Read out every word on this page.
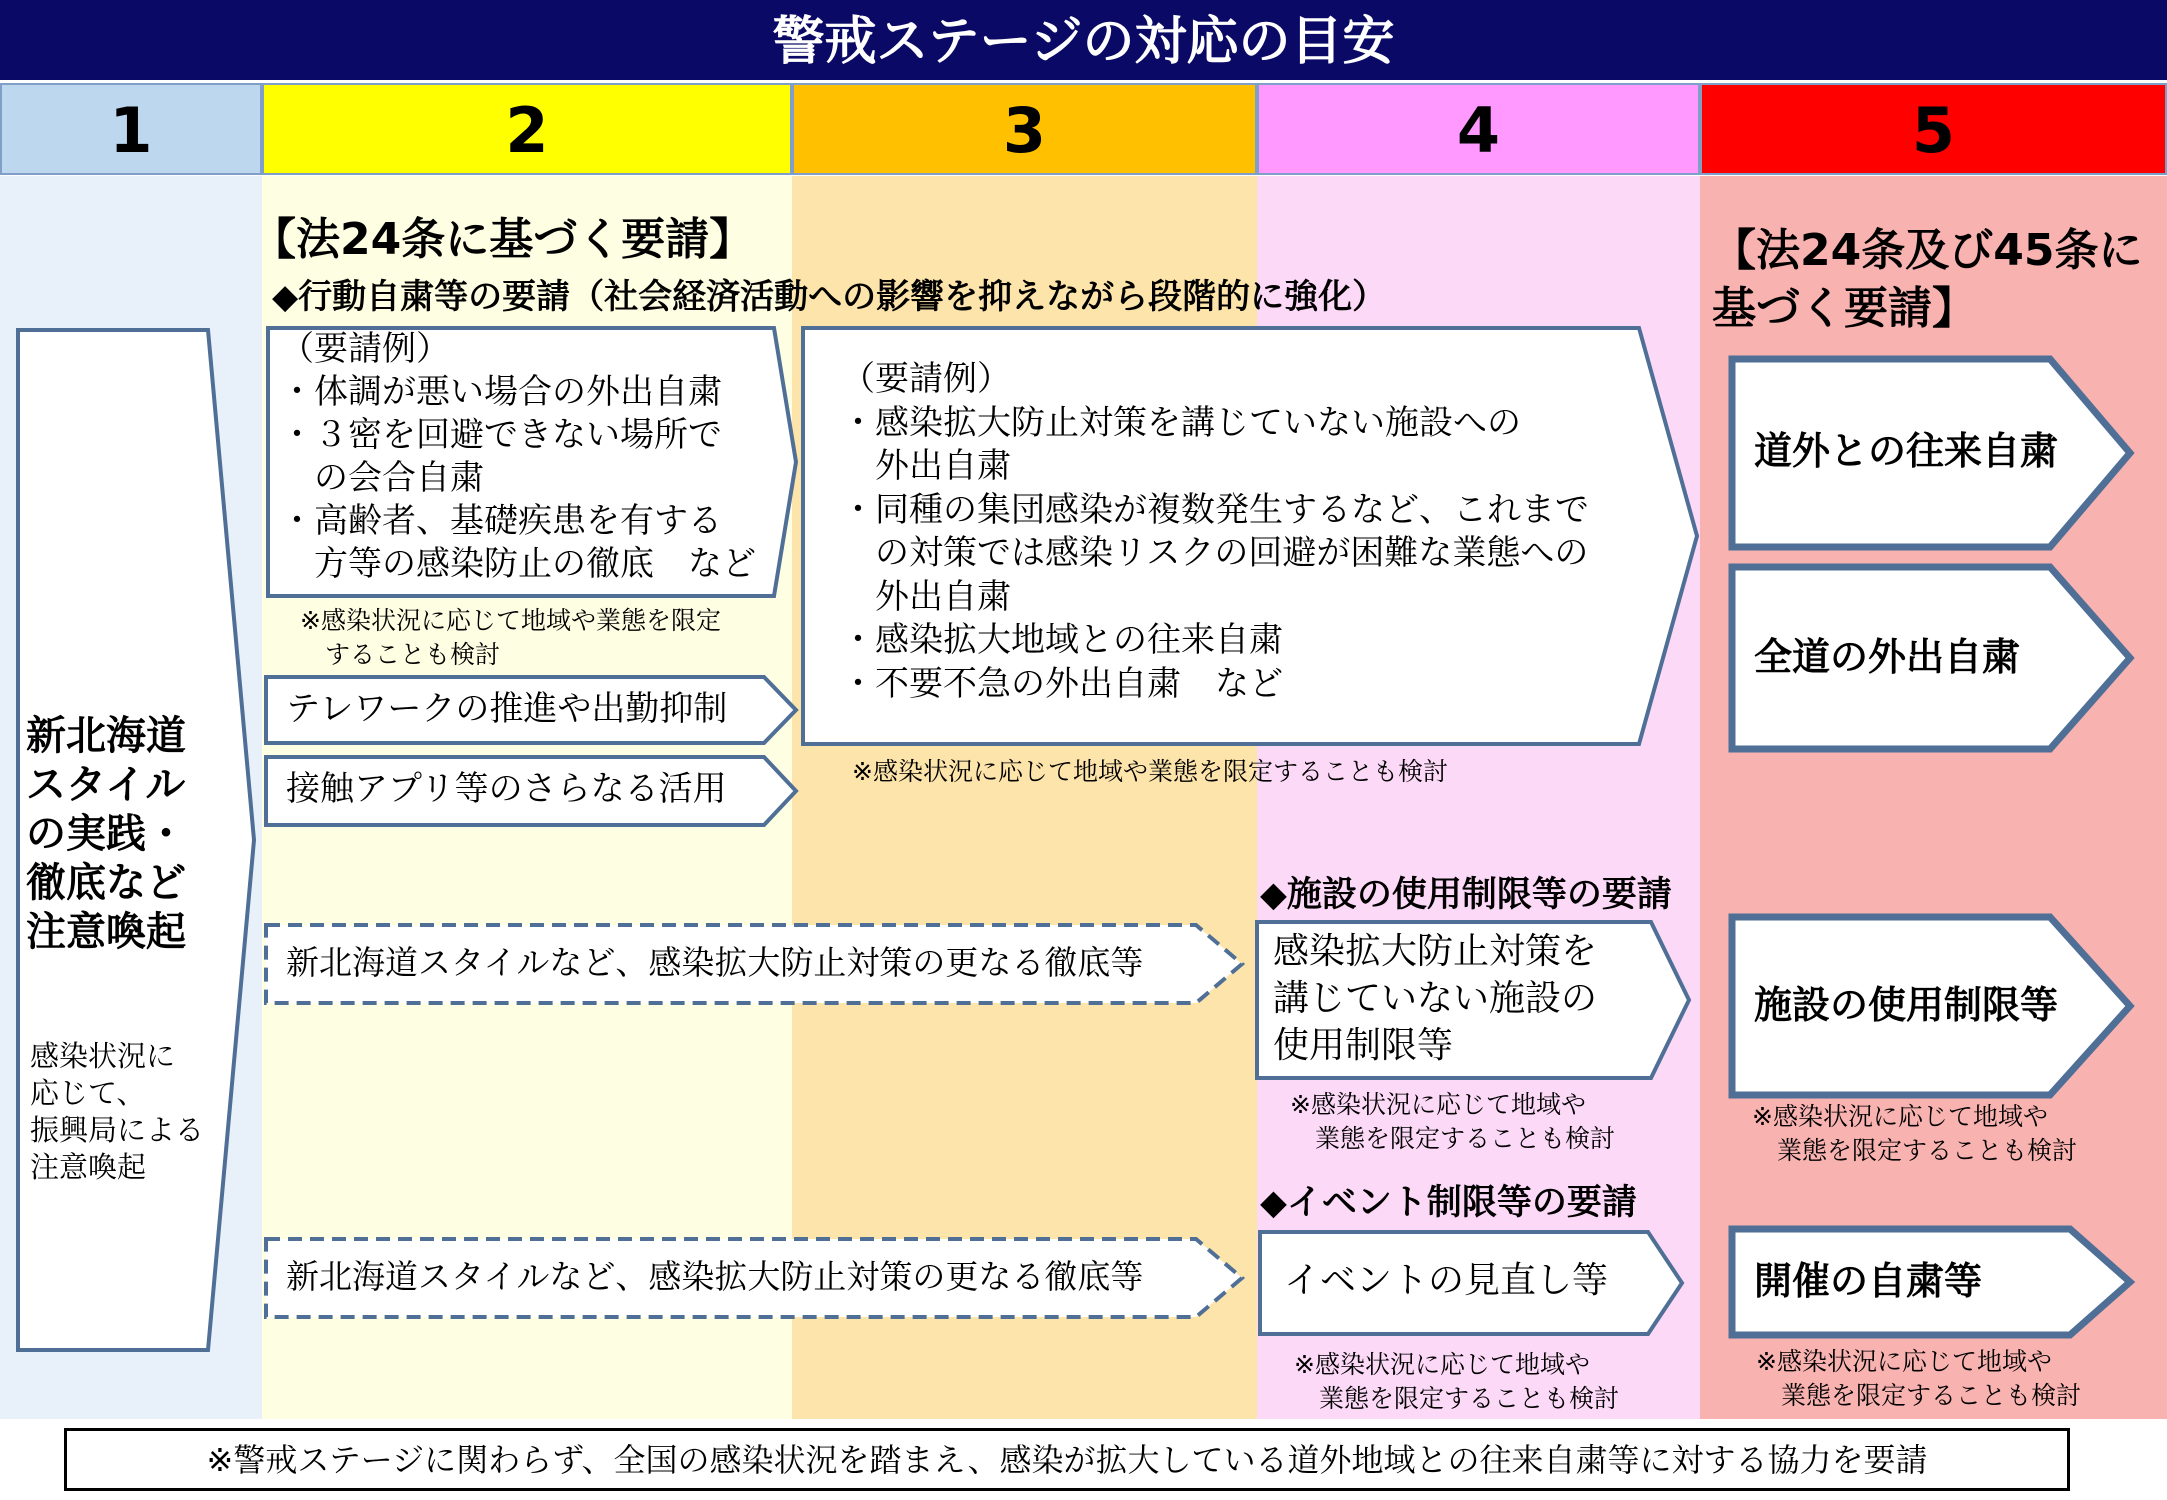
警戒ステージの対応の目安
1	2	3	4	5
新北海道
スタイル
の実践・
徹底など
注意喚起
感染状況に
応じて、
振興局による
注意喚起
【法24条に基づく要請】
◆行動自粛等の要請（社会経済活動への影響を抑えながら段階的に強化）
（要請例）
・体調が悪い場合の外出自粛
・３密を回避できない場所で
　の会合自粛
・高齢者、基礎疾患を有する
　方等の感染防止の徹底　など
※感染状況に応じて地域や業態を限定
　することも検討
テレワークの推進や出勤抑制
接触アプリ等のさらなる活用
（要請例）
・感染拡大防止対策を講じていない施設への
　外出自粛
・同種の集団感染が複数発生するなど、これまで
　の対策では感染リスクの回避が困難な業態への
　外出自粛
・感染拡大地域との往来自粛
・不要不急の外出自粛　など
※感染状況に応じて地域や業態を限定することも検討
【法24条及び45条に
基づく要請】
道外との往来自粛
全道の外出自粛
◆施設の使用制限等の要請
新北海道スタイルなど、感染拡大防止対策の更なる徹底等	感染拡大防止対策を
講じていない施設の
使用制限等
※感染状況に応じて地域や
　業態を限定することも検討
施設の使用制限等
※感染状況に応じて地域や
　業態を限定することも検討
◆イベント制限等の要請
新北海道スタイルなど、感染拡大防止対策の更なる徹底等	イベントの見直し等
※感染状況に応じて地域や
　業態を限定することも検討
開催の自粛等
※感染状況に応じて地域や
　業態を限定することも検討
※警戒ステージに関わらず、全国の感染状況を踏まえ、感染が拡大している道外地域との往来自粛等に対する協力を要請
